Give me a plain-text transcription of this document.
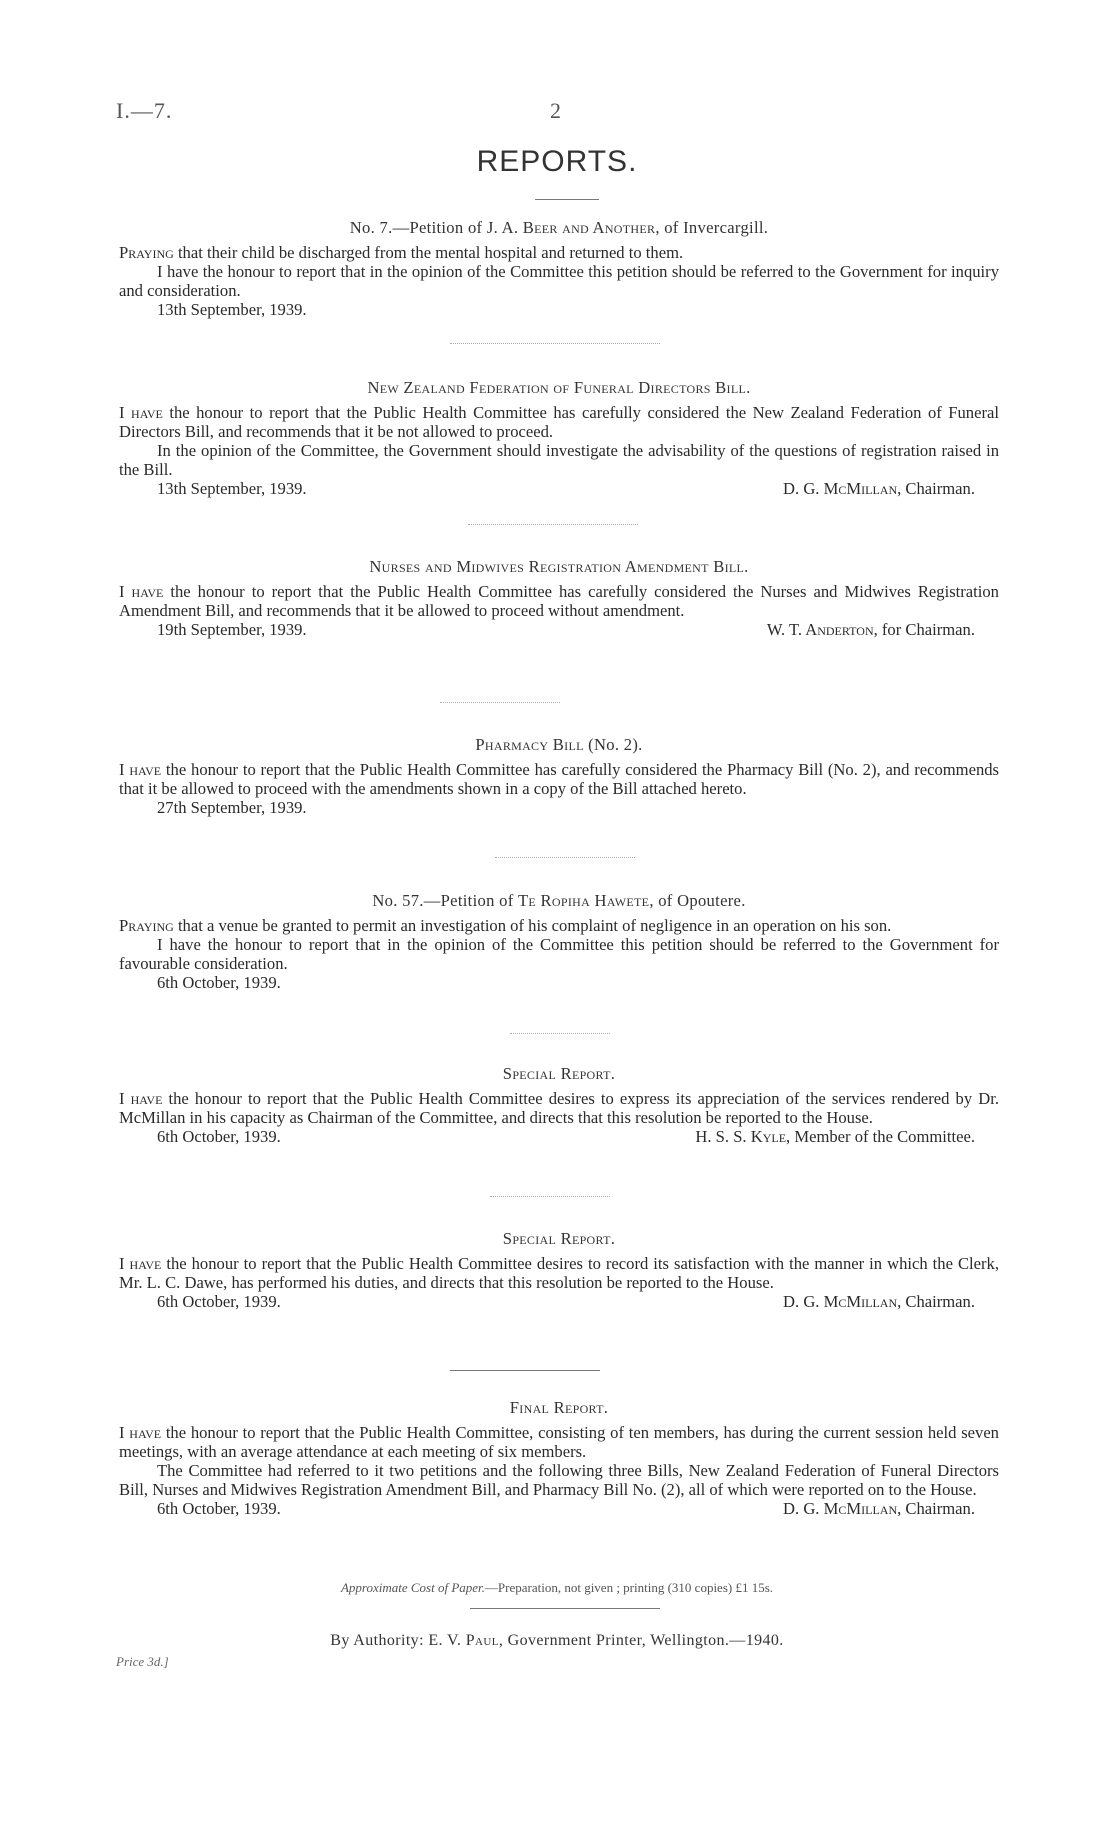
I.—7.	2
REPORTS.
No. 7.—Petition of J. A. Beer and Another, of Invercargill.

Praying that their child be discharged from the mental hospital and returned to them.

I have the honour to report that in the opinion of the Committee this petition should be referred to the Government for inquiry and consideration.

13th September, 1939.
New Zealand Federation of Funeral Directors Bill.

I have the honour to report that the Public Health Committee has carefully considered the New Zealand Federation of Funeral Directors Bill, and recommends that it be not allowed to proceed.

In the opinion of the Committee, the Government should investigate the advisability of the questions of registration raised in the Bill.

13th September, 1939.	D. G. McMillan, Chairman.
Nurses and Midwives Registration Amendment Bill.

I have the honour to report that the Public Health Committee has carefully considered the Nurses and Midwives Registration Amendment Bill, and recommends that it be allowed to proceed without amendment.

19th September, 1939.	W. T. Anderton, for Chairman.
Pharmacy Bill (No. 2).

I have the honour to report that the Public Health Committee has carefully considered the Pharmacy Bill (No. 2), and recommends that it be allowed to proceed with the amendments shown in a copy of the Bill attached hereto.

27th September, 1939.
No. 57.—Petition of Te Ropiha Hawete, of Opoutere.

Praying that a venue be granted to permit an investigation of his complaint of negligence in an operation on his son.

I have the honour to report that in the opinion of the Committee this petition should be referred to the Government for favourable consideration.

6th October, 1939.
Special Report.

I have the honour to report that the Public Health Committee desires to express its appreciation of the services rendered by Dr. McMillan in his capacity as Chairman of the Committee, and directs that this resolution be reported to the House.

6th October, 1939.	H. S. S. Kyle, Member of the Committee.
Special Report.

I have the honour to report that the Public Health Committee desires to record its satisfaction with the manner in which the Clerk, Mr. L. C. Dawe, has performed his duties, and directs that this resolution be reported to the House.

6th October, 1939.	D. G. McMillan, Chairman.
Final Report.

I have the honour to report that the Public Health Committee, consisting of ten members, has during the current session held seven meetings, with an average attendance at each meeting of six members.

The Committee had referred to it two petitions and the following three Bills, New Zealand Federation of Funeral Directors Bill, Nurses and Midwives Registration Amendment Bill, and Pharmacy Bill No. (2), all of which were reported on to the House.

6th October, 1939.	D. G. McMillan, Chairman.
Approximate Cost of Paper.—Preparation, not given ; printing (310 copies) £1 15s.
By Authority: E. V. Paul, Government Printer, Wellington.—1940.
Price 3d.]
